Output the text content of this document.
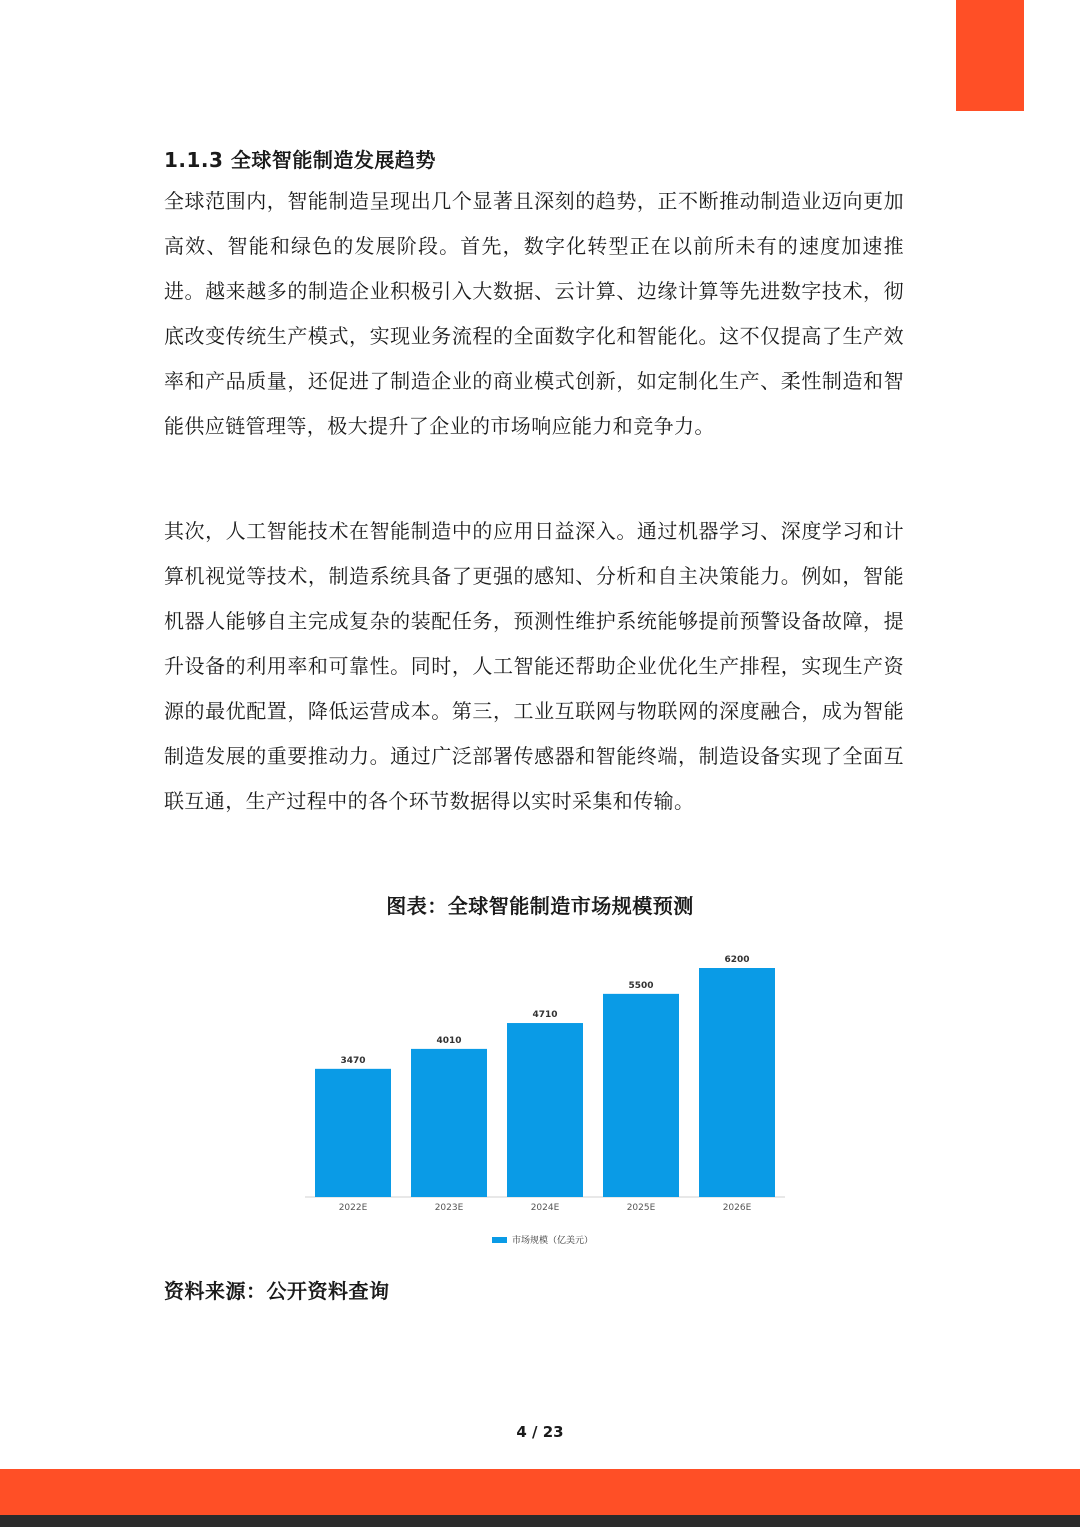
1.1.3 全球智能制造发展趋势

全球范围内，智能制造呈现出几个显著且深刻的趋势，正不断推动制造业迈向更加高效、智能和绿色的发展阶段。首先，数字化转型正在以前所未有的速度加速推进。越来越多的制造企业积极引入大数据、云计算、边缘计算等先进数字技术，彻底改变传统生产模式，实现业务流程的全面数字化和智能化。这不仅提高了生产效率和产品质量，还促进了制造企业的商业模式创新，如定制化生产、柔性制造和智能供应链管理等，极大提升了企业的市场响应能力和竞争力。

其次，人工智能技术在智能制造中的应用日益深入。通过机器学习、深度学习和计算机视觉等技术，制造系统具备了更强的感知、分析和自主决策能力。例如，智能机器人能够自主完成复杂的装配任务，预测性维护系统能够提前预警设备故障，提升设备的利用率和可靠性。同时，人工智能还帮助企业优化生产排程，实现生产资源的最优配置，降低运营成本。第三，工业互联网与物联网的深度融合，成为智能制造发展的重要推动力。通过广泛部署传感器和智能终端，制造设备实现了全面互联互通，生产过程中的各个环节数据得以实时采集和传输。

图表：全球智能制造市场规模预测
3470
2022E
4010
2023E
4710
2024E
5500
2025E
6200
2026E
市场规模（亿美元）
资料来源：公开资料查询
4 / 23
